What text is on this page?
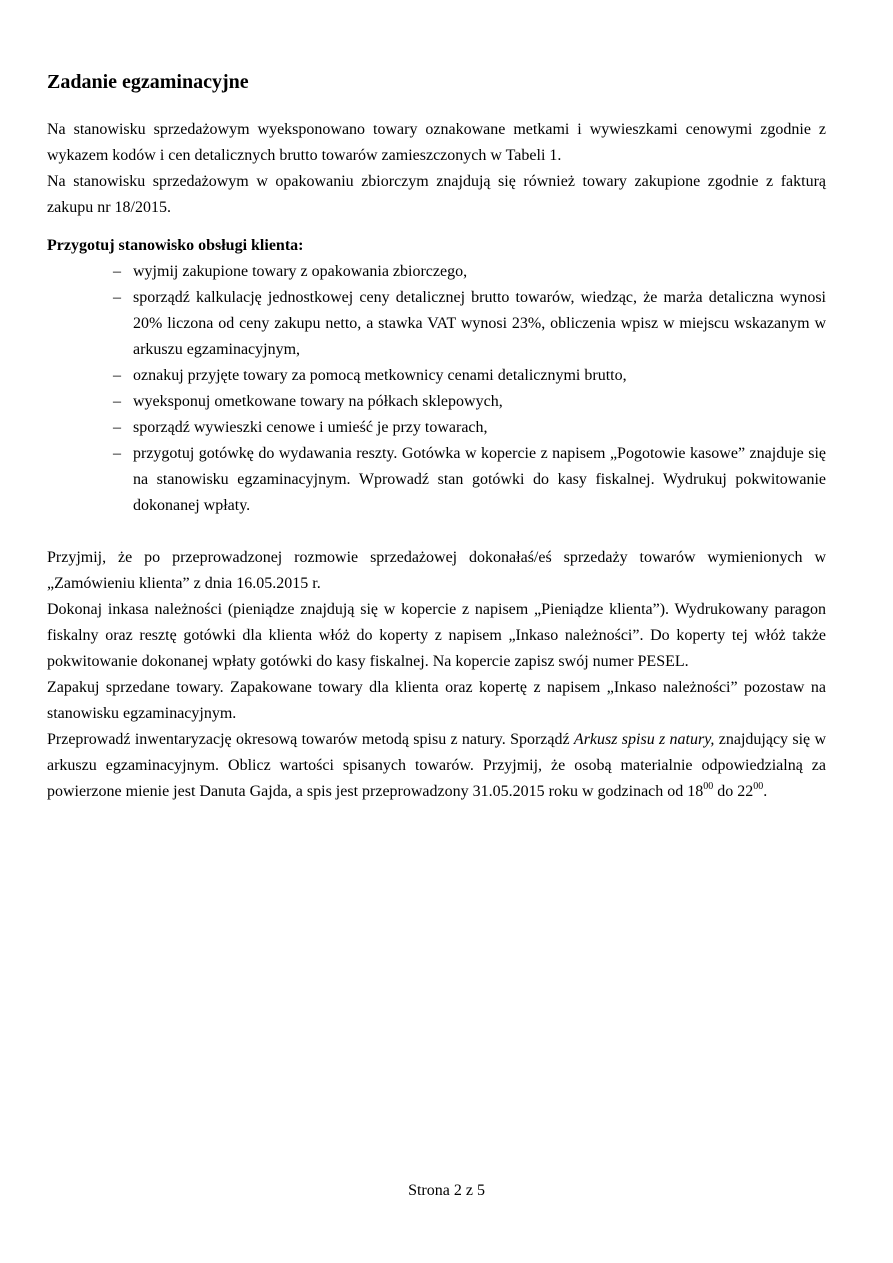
Zadanie egzaminacyjne

Na stanowisku sprzedażowym wyeksponowano towary oznakowane metkami i wywieszkami cenowymi zgodnie z wykazem kodów i cen detalicznych brutto towarów zamieszczonych w Tabeli 1.

Na stanowisku sprzedażowym w opakowaniu zbiorczym znajdują się również towary zakupione zgodnie z fakturą zakupu nr 18/2015.

Przygotuj stanowisko obsługi klienta:

– wyjmij zakupione towary z opakowania zbiorczego,
– sporządź kalkulację jednostkowej ceny detalicznej brutto towarów, wiedząc, że marża detaliczna wynosi 20% liczona od ceny zakupu netto, a stawka VAT wynosi 23%, obliczenia wpisz w miejscu wskazanym w arkuszu egzaminacyjnym,
– oznakuj przyjęte towary za pomocą metkownicy cenami detalicznymi brutto,
– wyeksponuj ometkowane towary na półkach sklepowych,
– sporządź wywieszki cenowe i umieść je przy towarach,
– przygotuj gotówkę do wydawania reszty. Gotówka w kopercie z napisem „Pogotowie kasowe” znajduje się na stanowisku egzaminacyjnym. Wprowadź stan gotówki do kasy fiskalnej. Wydrukuj pokwitowanie dokonanej wpłaty.

Przyjmij, że po przeprowadzonej rozmowie sprzedażowej dokonałaś/eś sprzedaży towarów wymienionych w „Zamówieniu klienta” z dnia 16.05.2015 r.

Dokonaj inkasa należności (pieniądze znajdują się w kopercie z napisem „Pieniądze klienta”). Wydrukowany paragon fiskalny oraz resztę gotówki dla klienta włóż do koperty z napisem „Inkaso należności”. Do koperty tej włóż także pokwitowanie dokonanej wpłaty gotówki do kasy fiskalnej. Na kopercie zapisz swój numer PESEL.

Zapakuj sprzedane towary. Zapakowane towary dla klienta oraz kopertę z napisem „Inkaso należności” pozostaw na stanowisku egzaminacyjnym.

Przeprowadź inwentaryzację okresową towarów metodą spisu z natury. Sporządź Arkusz spisu z natury, znajdujący się w arkuszu egzaminacyjnym. Oblicz wartości spisanych towarów. Przyjmij, że osobą materialnie odpowiedzialną za powierzone mienie jest Danuta Gajda, a spis jest przeprowadzony 31.05.2015 roku w godzinach od $18^{00}$ do $22^{00}$.

Strona 2 z 5
